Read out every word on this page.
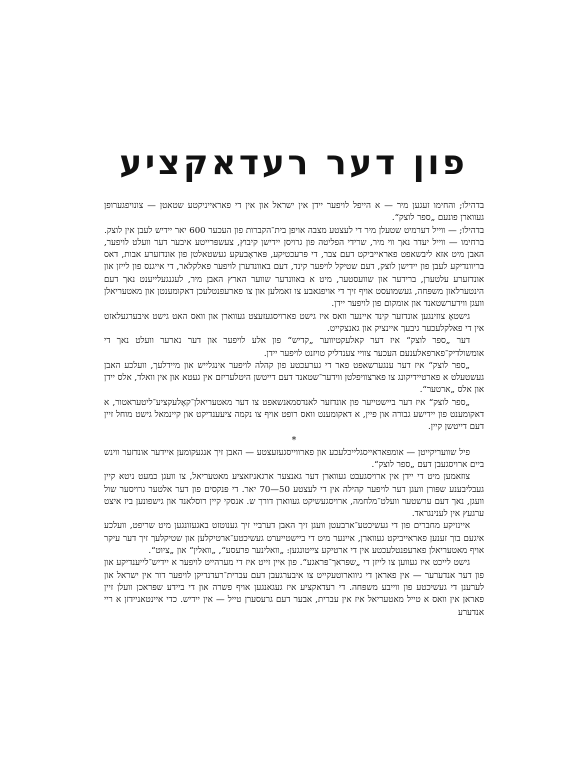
פון דער רעדאקציע

בדהילו; והחימו זעגען מיר — א הייפל לויפער יידן אין ישראל און אין די פאראייניקטע שטאטן — צונויפגערופן געווארן פונעם „ספר לוצק“.

בדהילו; — ווייל דערמיט שטעלן מיר די לעצטע מצבה אויפן בית־הקברות פון העכער 600 יאר יידיש לעבן אין לוצק.

ברחימו — ווייל יעדר נאך ווי מיר, שרידי הפליטה פון גרויסן יידישן קיבוץ, צעשפּרייטע איבער דער וועלט לויפער, האבן מיט אזא ליבשאפט פאראייביקט דעם צבר, די פּרעכטיקע, פּאראָבעקע געשטאלטן פון אונדזערע אבות, דאס בריוונדיקע לעבן פון יידישן לוצק, דעם שטיקל לויפער קינד, דעם באוונדערן לויפער פאלקלאר, די אייגנס פון לייזן און אונדזערע עלטערן, ברידער און שוועסטער, מיט א באוונדער שווער הארץ האבן מיר, לעגנגעלייענט נאך דעם הינטערלאזן משפּחה, געשמועסט אויף זיך די אויפגאבע צו זאמלען און צו פארעפנטלעכן דאקומענטן און מאטעריאלן וועגן ווידערשטאנד און אומקום פון לויפער יידן.

גישטאָ צוזינגען אונדזער קינד איינער וואס איז גישט פארויסגעזעצט געווארן און וואס האט גישט איבערגעלאזט אין די פאלקלעכער גיבעך איינציק און גאנצקייט.

דער „ספר לוצק“ איז דער קאלעקטיווער „קדיש“ פון אלע לויפער און דער נארער וועלט נאך די אומשולדיק־פארפאלענעם העכער צוויי צענדליק טויזנט לויפער יידן.

„ספר לוצק“ איז דער ענגערשאפט פאר די גערעכטע פון קהלה לויפער אינגלייש און מיידלעך, וועלכע האבן געשטעלט א פארטיידיקונג צו פארצוויפלטן ווידער־שטאנד דעם דייטשן היטלעריזם אין געטא און אין וואלד, אלס יידן און אלס „ארטער“.

„ספר לוצק“ איז דער ביישטייער פון אונדזער לאנדסמאנשאפט צו דער מאטעריאלן־קאָלעקציע־ליטעראטור, א דאקומענט פון יידישע גבורה און פיין, א דאקומענט וואס רופט אויף צו נקמה ציעענדיקט און קיינמאל גישט מוחל זיין דעם דייטשן קיין.

*

פיל שוועריקייטן — אומפאראייסגלייכלעכע און פארווייסגעזעצטע — האבן זיך אנגעקומען איידער אונדזער ווינש ביים ארויסגעבן דעם „ספר לוצק“.

צוזאמען מיט די יידן אין ארויסגעבט געווארן דער גאנצער ארגאניזאציע מאטעריאל, צו וועגן כמעט ניטא קיין געבליבענע שפּורן וועגן דער לויפער קהילה אין די לעצטע 50—70 יאר. די פּנקסים פון דער אלטער גרויסער שול וועגן, נאך דעם ערשטער וועלט־מלחמה, ארויסגעשיקט געווארן דורך ש. אנסקי קיין רוסלאנד און גישפונען ביז איצט ערגעץ אין לענינגראד.

איינזיקע מחברים פון די געשיכטע־ארבעטן וועגן זיך האבן דערביי זיך גענוטזט באגעזונגען מיט שריפט, וועלכע איגעם בוך זענען פאראייביקט געווארן, איינער מיט די ביישטייערט געשיכטע־ארטיקלען און שטיקלעך זיך דער עיקר אויף מאטעריאלן פארעפנטלעכטע אין די ארטיקע צייטונגען: „וואלינער פרעסע“, „וואלין“ און „ציוט“.

גישט לייכט איז געווען צו לייזן די „שפּראך־פּראגע“. פון איין זייט איז די מערהייט לויפער א יידיש־לייענדיקע און פון דער אנדערער — אין פאראן די גיווארוטעקייט צו איבערגעבן דעם עברית־רעדנדיקן לויפער דור אין ישראל און לערענן די געשיכטע פון ווייבע משפּחה. די רעדאקציע איז געגאנגען אויף פשרה און די ביידע שפּראכן וועלן זיין פאראן אין וואס א טייל מאטעריאל איז אין עברית, אבער דעם גרעסערן טייל — אין יידיש. כדי איינטאניידזן א ריי אנדערע
